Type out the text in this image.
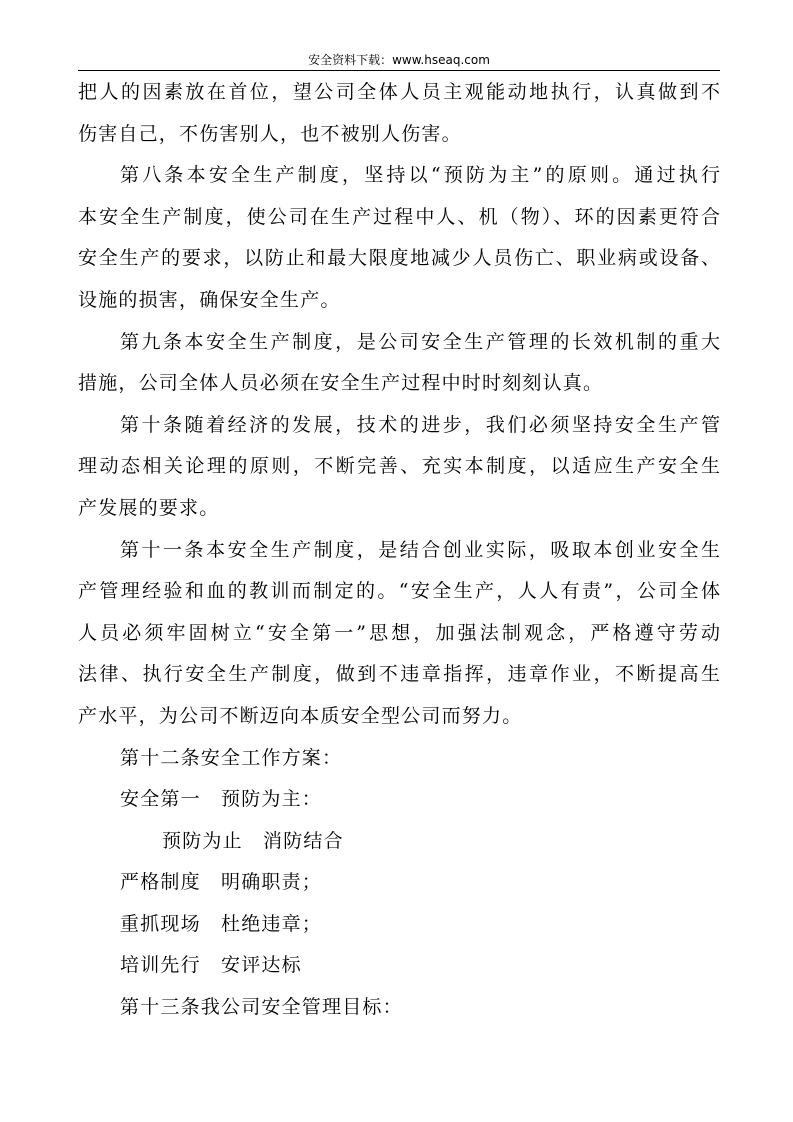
安全资料下载：www.hseaq.com
把人的因素放在首位，望公司全体人员主观能动地执行，认真做到不
伤害自己，不伤害别人，也不被别人伤害。
第八条本安全生产制度，坚持以“预防为主”的原则。通过执行
本安全生产制度，使公司在生产过程中人、机（物）、环的因素更符合
安全生产的要求，以防止和最大限度地减少人员伤亡、职业病或设备、
设施的损害，确保安全生产。
第九条本安全生产制度，是公司安全生产管理的长效机制的重大
措施，公司全体人员必须在安全生产过程中时时刻刻认真。
第十条随着经济的发展，技术的进步，我们必须坚持安全生产管
理动态相关论理的原则，不断完善、充实本制度，以适应生产安全生
产发展的要求。
第十一条本安全生产制度，是结合创业实际，吸取本创业安全生
产管理经验和血的教训而制定的。“安全生产，人人有责”，公司全体
人员必须牢固树立“安全第一”思想，加强法制观念，严格遵守劳动
法律、执行安全生产制度，做到不违章指挥，违章作业，不断提高生
产水平，为公司不断迈向本质安全型公司而努力。
第十二条安全工作方案：
安全第一　预防为主：
预防为止　消防结合
严格制度　明确职责；
重抓现场　杜绝违章；
培训先行　安评达标
第十三条我公司安全管理目标：
